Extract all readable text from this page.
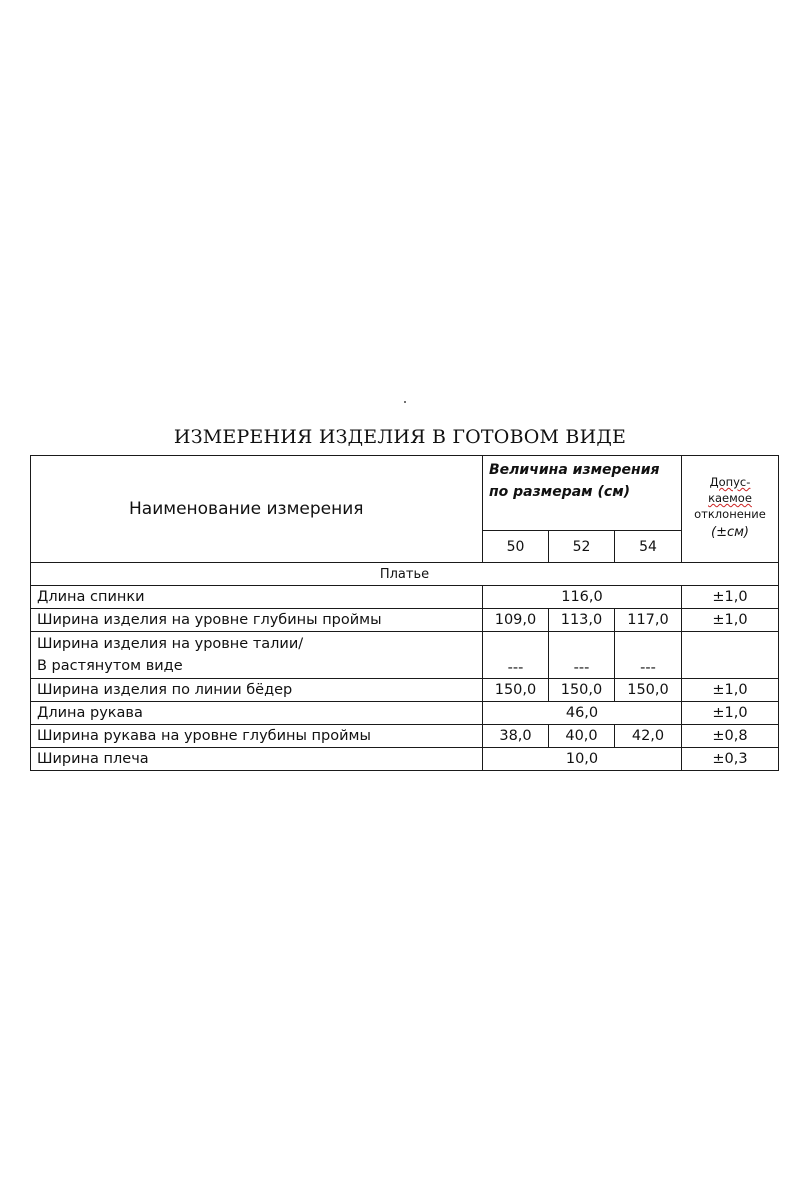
ИЗМЕРЕНИЯ ИЗДЕЛИЯ В ГОТОВОМ ВИДЕ
Наименование измерения	Величина измерения по размерам (см)			Допус-
каемое
отклонение
(±см)

	50	52	54	
Платье				
Длина спинки	116,0			±1,0
Ширина изделия на уровне глубины проймы	109,0	113,0	117,0	±1,0

Ширина изделия на уровне талии/
В растянутом виде	---	---	---	
Ширина изделия по линии бёдер	150,0	150,0	150,0	±1,0
Длина рукава	46,0			±1,0
Ширина рукава на уровне глубины проймы	38,0	40,0	42,0	±0,8
Ширина плеча	10,0			±0,3
